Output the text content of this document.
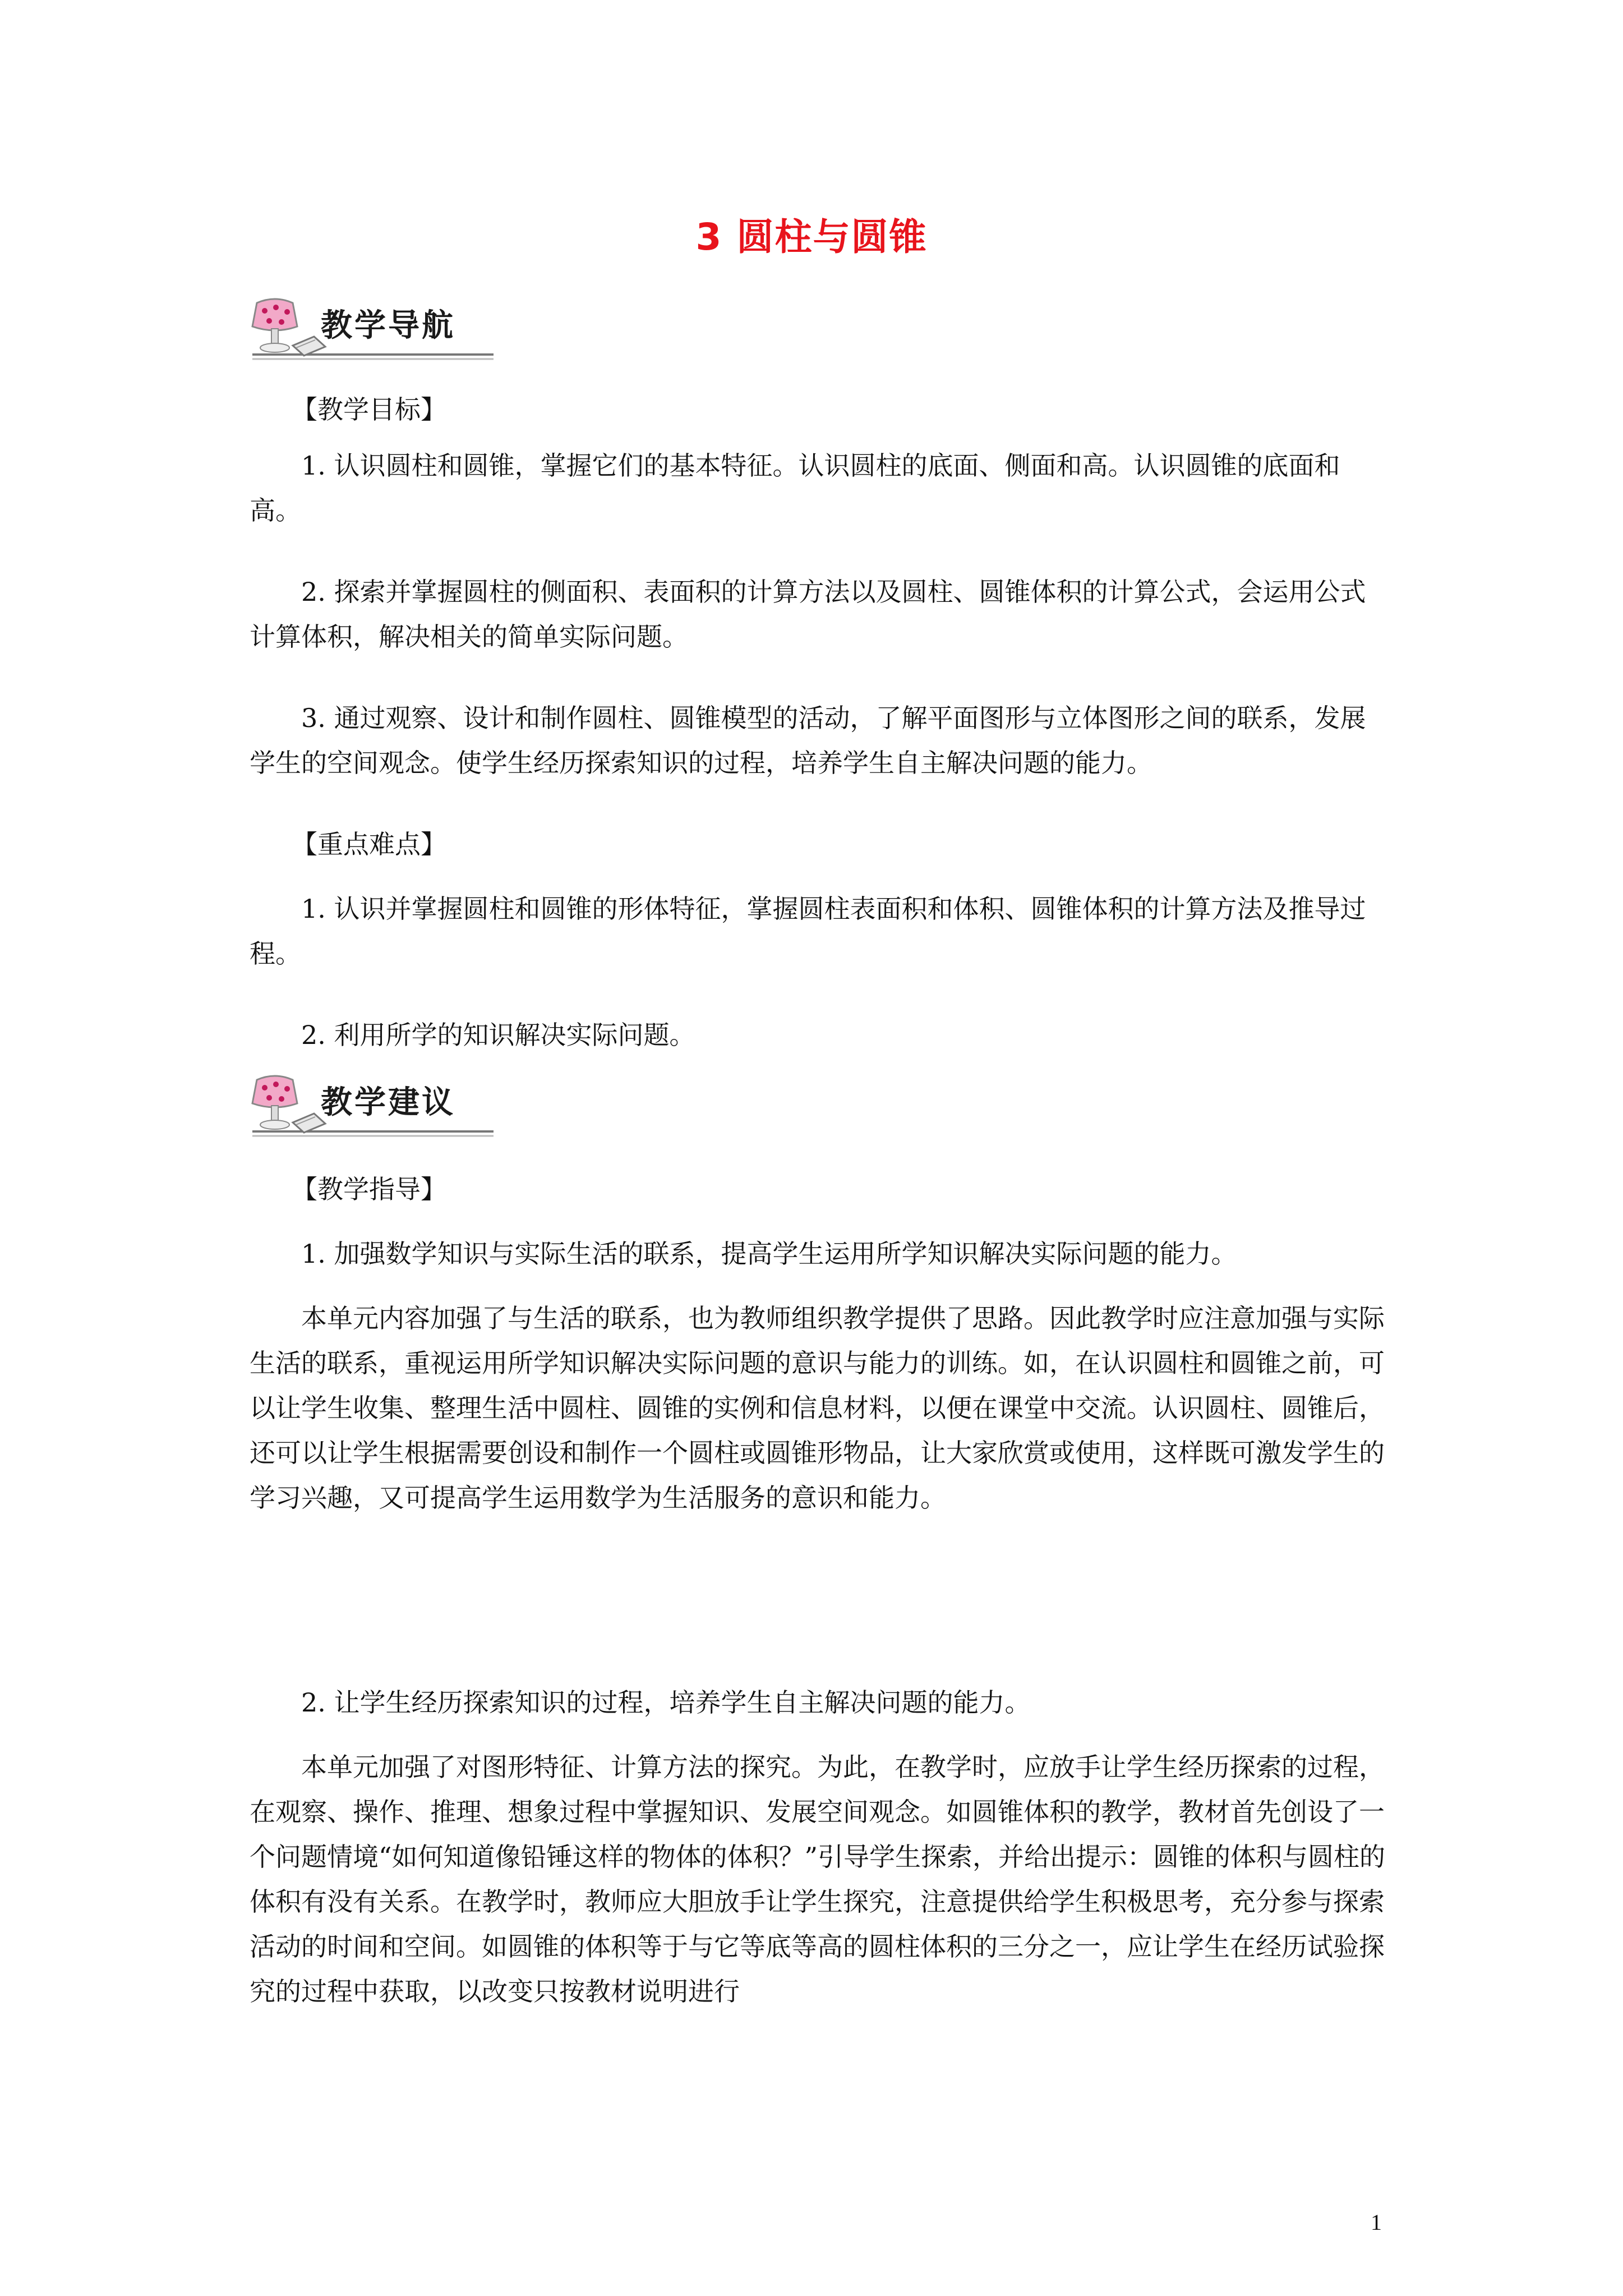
3 圆柱与圆锥
教学导航
【教学目标】

1. 认识圆柱和圆锥，掌握它们的基本特征。认识圆柱的底面、侧面和高。认识圆锥的底面和高。

2. 探索并掌握圆柱的侧面积、表面积的计算方法以及圆柱、圆锥体积的计算公式，会运用公式计算体积，解决相关的简单实际问题。

3. 通过观察、设计和制作圆柱、圆锥模型的活动，了解平面图形与立体图形之间的联系，发展学生的空间观念。使学生经历探索知识的过程，培养学生自主解决问题的能力。

【重点难点】

1. 认识并掌握圆柱和圆锥的形体特征，掌握圆柱表面积和体积、圆锥体积的计算方法及推导过程。

2. 利用所学的知识解决实际问题。

教学建议
【教学指导】

1. 加强数学知识与实际生活的联系，提高学生运用所学知识解决实际问题的能力。

本单元内容加强了与生活的联系，也为教师组织教学提供了思路。因此教学时应注意加强与实际生活的联系，重视运用所学知识解决实际问题的意识与能力的训练。如，在认识圆柱和圆锥之前，可以让学生收集、整理生活中圆柱、圆锥的实例和信息材料，以便在课堂中交流。认识圆柱、圆锥后，还可以让学生根据需要创设和制作一个圆柱或圆锥形物品，让大家欣赏或使用，这样既可激发学生的学习兴趣，又可提高学生运用数学为生活服务的意识和能力。

2. 让学生经历探索知识的过程，培养学生自主解决问题的能力。

本单元加强了对图形特征、计算方法的探究。为此，在教学时，应放手让学生经历探索的过程，在观察、操作、推理、想象过程中掌握知识、发展空间观念。如圆锥体积的教学，教材首先创设了一个问题情境“如何知道像铅锤这样的物体的体积？”引导学生探索，并给出提示：圆锥的体积与圆柱的体积有没有关系。在教学时，教师应大胆放手让学生探究，注意提供给学生积极思考，充分参与探索活动的时间和空间。如圆锥的体积等于与它等底等高的圆柱体积的三分之一，应让学生在经历试验探究的过程中获取，以改变只按教材说明进行

1
